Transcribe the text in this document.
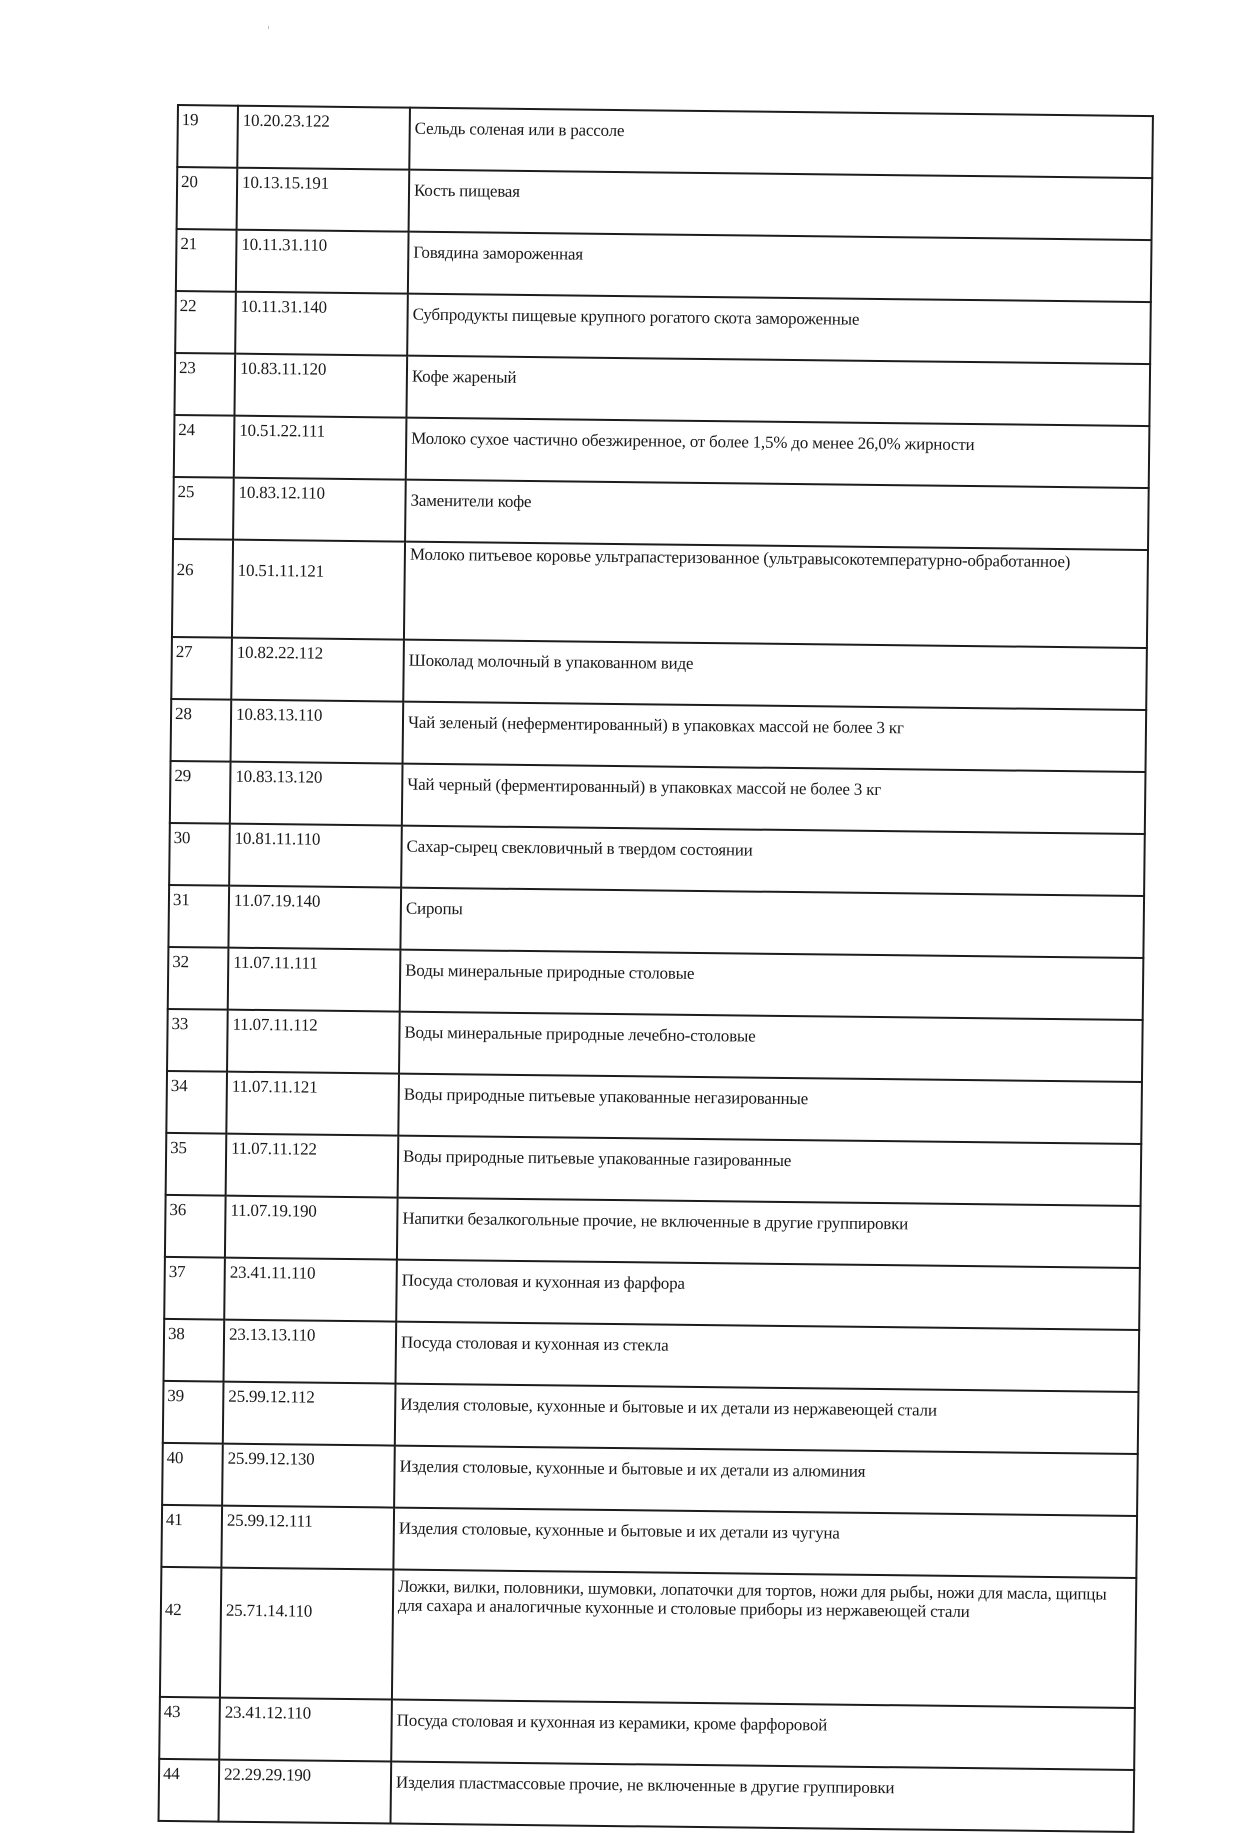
19	10.20.23.122	Сельдь соленая или в рассоле
20	10.13.15.191	Кость пищевая
21	10.11.31.110	Говядина замороженная
22	10.11.31.140	Субпродукты пищевые крупного рогатого скота замороженные
23	10.83.11.120	Кофе жареный
24	10.51.22.111	Молоко сухое частично обезжиренное, от более 1,5% до менее 26,0% жирности
25	10.83.12.110	Заменители кофе
26	10.51.11.121	Молоко питьевое коровье ультрапастеризованное (ультравысокотемпературно-обработанное)
27	10.82.22.112	Шоколад молочный в упакованном виде
28	10.83.13.110	Чай зеленый (неферментированный) в упаковках массой не более 3 кг
29	10.83.13.120	Чай черный (ферментированный) в упаковках массой не более 3 кг
30	10.81.11.110	Сахар-сырец свекловичный в твердом состоянии
31	11.07.19.140	Сиропы
32	11.07.11.111	Воды минеральные природные столовые
33	11.07.11.112	Воды минеральные природные лечебно-столовые
34	11.07.11.121	Воды природные питьевые упакованные негазированные
35	11.07.11.122	Воды природные питьевые упакованные газированные
36	11.07.19.190	Напитки безалкогольные прочие, не включенные в другие группировки
37	23.41.11.110	Посуда столовая и кухонная из фарфора
38	23.13.13.110	Посуда столовая и кухонная из стекла
39	25.99.12.112	Изделия столовые, кухонные и бытовые и их детали из нержавеющей стали
40	25.99.12.130	Изделия столовые, кухонные и бытовые и их детали из алюминия
41	25.99.12.111	Изделия столовые, кухонные и бытовые и их детали из чугуна
42	25.71.14.110	Ложки, вилки, половники, шумовки, лопаточки для тортов, ножи для рыбы, ножи для масла, щипцы для сахара и аналогичные кухонные и столовые приборы из нержавеющей стали
43	23.41.12.110	Посуда столовая и кухонная из керамики, кроме фарфоровой
44	22.29.29.190	Изделия пластмассовые прочие, не включенные в другие группировки
